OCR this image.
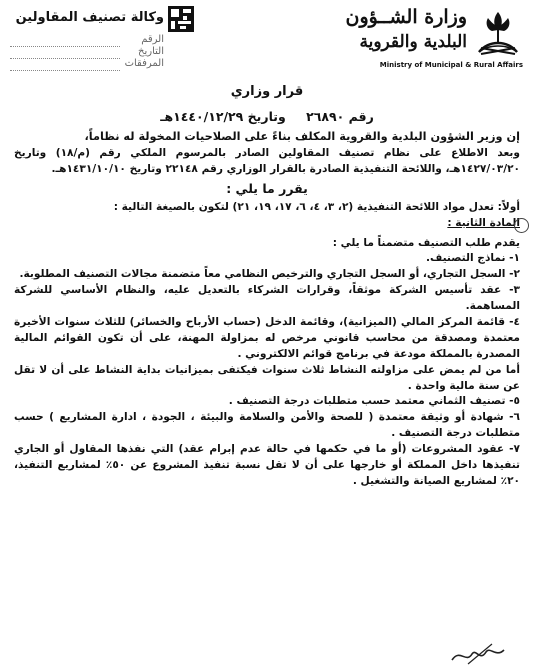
وزارة الشــؤون
البلدية والقروية
Ministry of Municipal & Rural Affairs
وكالة تصنيف المقاولين
الرقم
التاريخ
المرفقات

قرار وزاري

رقم ٢٦٨٩٠ وتاريخ ١٤٤٠/١٢/٢٩هـ

إن وزير الشؤون البلدية والقروية المكلف بناءً على الصلاحيات المخولة له نظاماً،

وبعد الاطلاع على نظام تصنيف المقاولين الصادر بالمرسوم الملكي رقم (م/١٨) وتاريخ ١٤٢٧/٠٣/٢٠هـ، واللائحة التنفيذية الصادرة بالقرار الوزاري رقم ٢٢١٤٨ وتاريخ ١٤٣١/١٠/١٠هـ.

يقرر ما يلي :

أولاً: تعدل مواد اللائحة التنفيذية (٢، ٣، ٤، ٦، ١٧، ١٩، ٢١) لتكون بالصيغة التالية :

المادة الثانية :

يقدم طلب التصنيف متضمناً ما يلي :

١- نماذج التصنيف.

٢- السجل التجاري، أو السجل التجاري والترخيص النظامي معاً متضمنة مجالات التصنيف المطلوبة.

٣- عقد تأسيس الشركة موثقاً، وقرارات الشركاء بالتعديل عليه، والنظام الأساسي للشركة المساهمة.

٤- قائمة المركز المالي (الميزانية)، وقائمة الدخل (حساب الأرباح والخسائر) للثلاث سنوات الأخيرة معتمدة ومصدقة من محاسب قانوني مرخص له بمزاولة المهنة، على أن تكون القوائم المالية المصدرة بالمملكة مودعة في برنامج قوائم الالكتروني .

أما من لم يمض على مزاولته النشاط ثلاث سنوات فيكتفى بميزانيات بداية النشاط على أن لا تقل عن سنة مالية واحدة .

٥- تصنيف الثماني معتمد حسب متطلبات درجة التصنيف .

٦- شهادة أو وثيقة معتمدة ( للصحة والأمن والسلامة والبيئة ، الجودة ، ادارة المشاريع ) حسب متطلبات درجة التصنيف .

٧- عقود المشروعات (أو ما في حكمها في حالة عدم إبرام عقد) التي نفذها المقاول أو الجاري تنفيذها داخل المملكة أو خارجها على أن لا تقل نسبة تنفيذ المشروع عن ٥٠٪ لمشاريع التنفيذ، ٢٠٪ لمشاريع الصيانة والتشغيل .
